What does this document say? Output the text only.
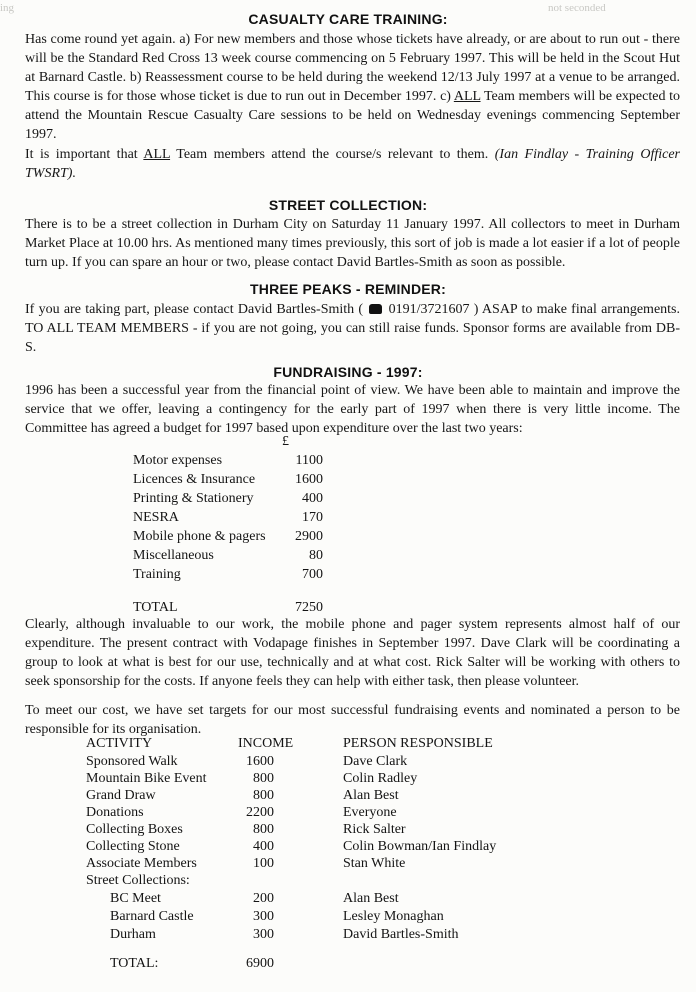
not seconded
ing
CASUALTY CARE TRAINING:

Has come round yet again. a) For new members and those whose tickets have already, or are about to run out - there will be the Standard Red Cross 13 week course commencing on 5 February 1997. This will be held in the Scout Hut at Barnard Castle. b) Reassessment course to be held during the weekend 12/13 July 1997 at a venue to be arranged. This course is for those whose ticket is due to run out in December 1997. c) ALL Team members will be expected to attend the Mountain Rescue Casualty Care sessions to be held on Wednesday evenings commencing September 1997.

It is important that ALL Team members attend the course/s relevant to them. (Ian Findlay - Training Officer TWSRT).

STREET COLLECTION:

There is to be a street collection in Durham City on Saturday 11 January 1997. All collectors to meet in Durham Market Place at 10.00 hrs. As mentioned many times previously, this sort of job is made a lot easier if a lot of people turn up. If you can spare an hour or two, please contact David Bartles-Smith as soon as possible.

THREE PEAKS - REMINDER:

If you are taking part, please contact David Bartles-Smith ( 0191/3721607 ) ASAP to make final arrangements. TO ALL TEAM MEMBERS - if you are not going, you can still raise funds. Sponsor forms are available from DB-S.

FUNDRAISING - 1997:

1996 has been a successful year from the financial point of view. We have been able to maintain and improve the service that we offer, leaving a contingency for the early part of 1997 when there is very little income. The Committee has agreed a budget for 1997 based upon expenditure over the last two years:

£
Motor expenses	1100
Licences & Insurance	1600
Printing & Stationery	400
NESRA	170
Mobile phone & pagers 2900
Miscellaneous	80
Training	700
TOTAL	7250

Clearly, although invaluable to our work, the mobile phone and pager system represents almost half of our expenditure. The present contract with Vodapage finishes in September 1997. Dave Clark will be coordinating a group to look at what is best for our use, technically and at what cost. Rick Salter will be working with others to seek sponsorship for the costs. If anyone feels they can help with either task, then please volunteer.

To meet our cost, we have set targets for our most successful fundraising events and nominated a person to be responsible for its organisation.

ACTIVITY	INCOME	PERSON RESPONSIBLE
Sponsored Walk	1600	Dave Clark
Mountain Bike Event	800	Colin Radley
Grand Draw	800	Alan Best
Donations	2200	Everyone
Collecting Boxes	800	Rick Salter
Collecting Stone	400	Colin Bowman/Ian Findlay
Associate Members	100	Stan White
Street Collections:
BC Meet	200	Alan Best
Barnard Castle	300	Lesley Monaghan
Durham	300	David Bartles-Smith
TOTAL:	6900
